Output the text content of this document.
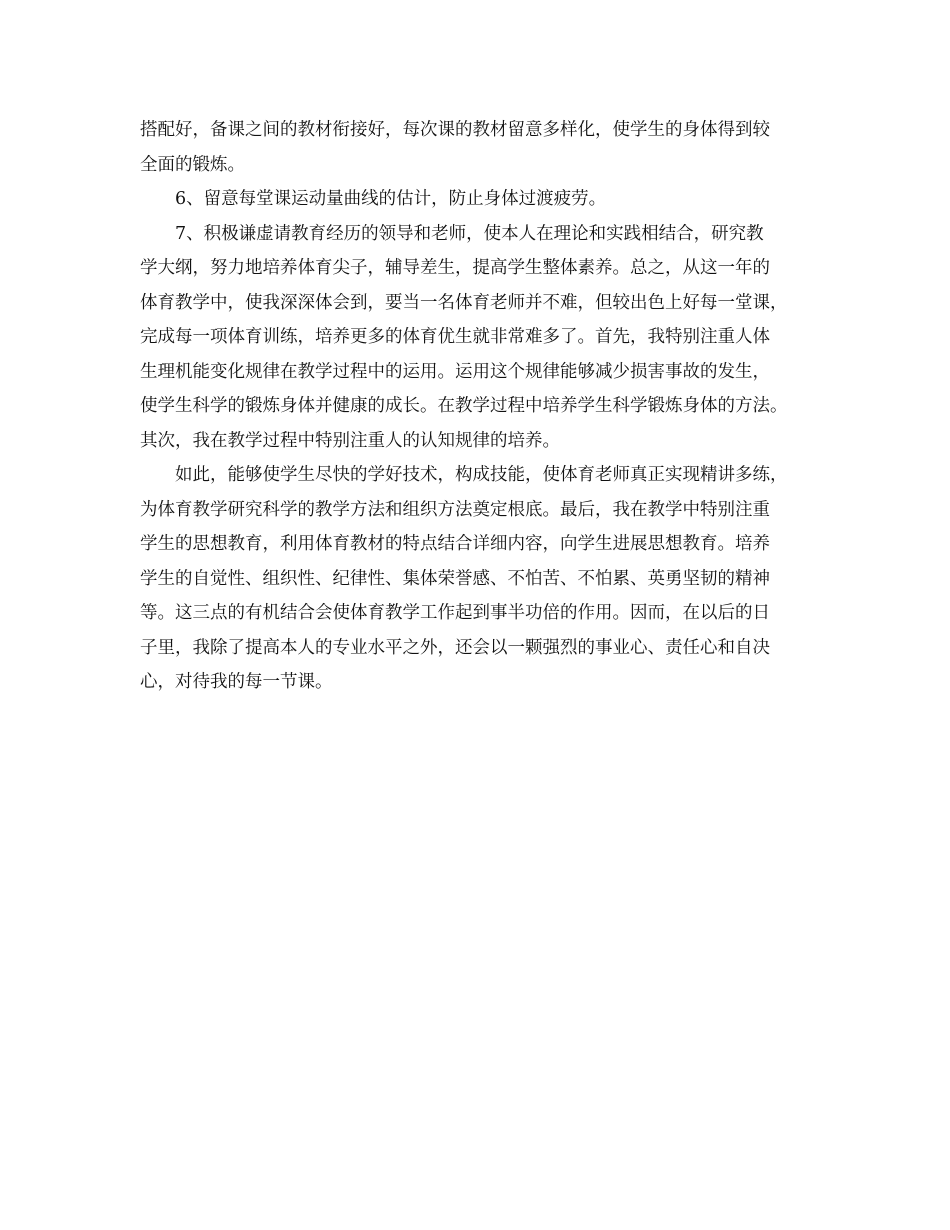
搭配好，备课之间的教材衔接好，每次课的教材留意多样化，使学生的身体得到较
全面的锻炼。
6、留意每堂课运动量曲线的估计，防止身体过渡疲劳。
7、积极谦虚请教育经历的领导和老师，使本人在理论和实践相结合，研究教
学大纲，努力地培养体育尖子，辅导差生，提高学生整体素养。总之，从这一年的
体育教学中，使我深深体会到，要当一名体育老师并不难，但较出色上好每一堂课，
完成每一项体育训练，培养更多的体育优生就非常难多了。首先，我特别注重人体
生理机能变化规律在教学过程中的运用。运用这个规律能够减少损害事故的发生，
使学生科学的锻炼身体并健康的成长。在教学过程中培养学生科学锻炼身体的方法。
其次，我在教学过程中特别注重人的认知规律的培养。
如此，能够使学生尽快的学好技术，构成技能，使体育老师真正实现精讲多练，
为体育教学研究科学的教学方法和组织方法奠定根底。最后，我在教学中特别注重
学生的思想教育，利用体育教材的特点结合详细内容，向学生进展思想教育。培养
学生的自觉性、组织性、纪律性、集体荣誉感、不怕苦、不怕累、英勇坚韧的精神
等。这三点的有机结合会使体育教学工作起到事半功倍的作用。因而，在以后的日
子里，我除了提高本人的专业水平之外，还会以一颗强烈的事业心、责任心和自决
心，对待我的每一节课。
